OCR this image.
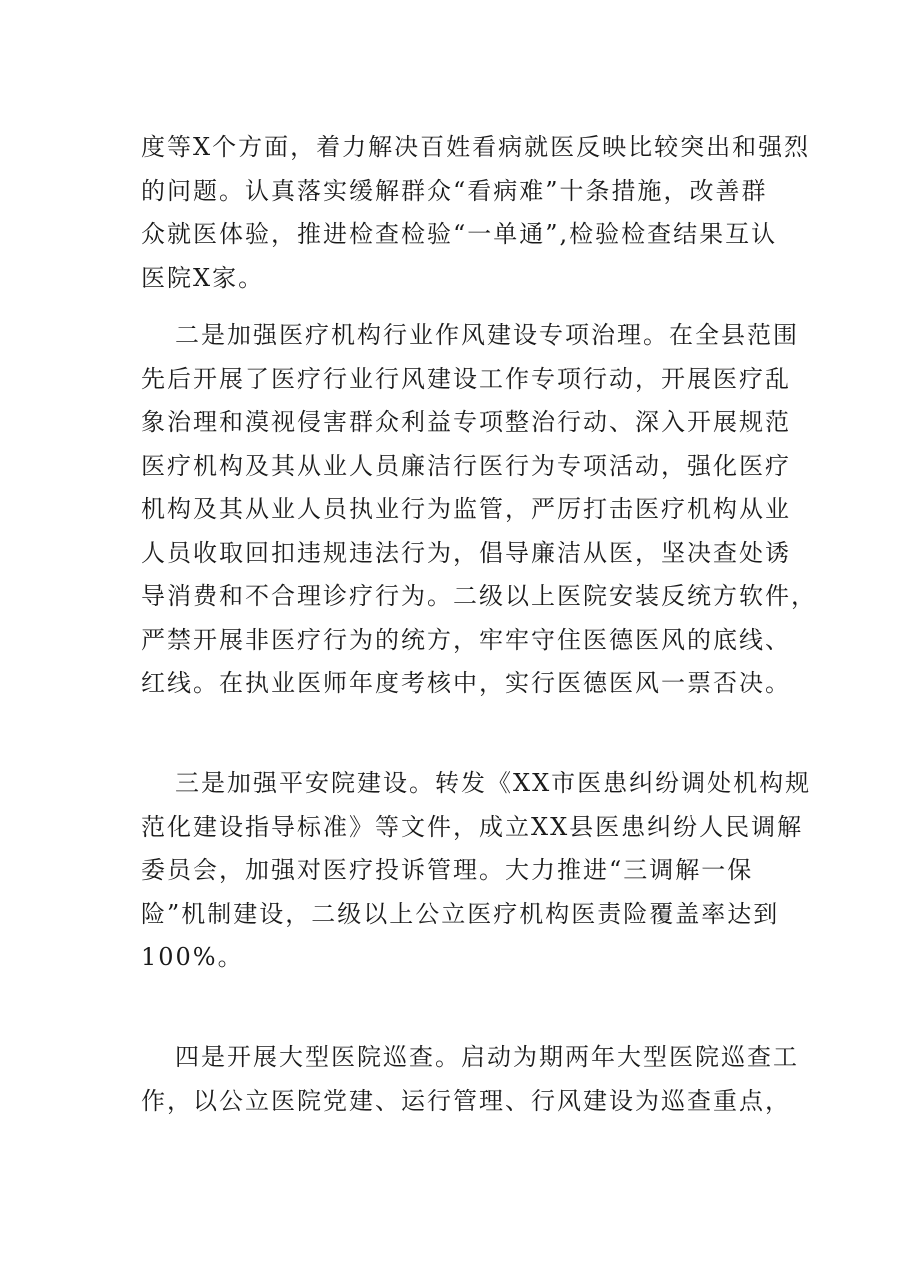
度等X个方面，着力解决百姓看病就医反映比较突出和强烈
的问题。认真落实缓解群众“看病难”十条措施，改善群
众就医体验，推进检查检验“一单通”,检验检查结果互认
医院X家。
二是加强医疗机构行业作风建设专项治理。在全县范围
先后开展了医疗行业行风建设工作专项行动，开展医疗乱
象治理和漠视侵害群众利益专项整治行动、深入开展规范
医疗机构及其从业人员廉洁行医行为专项活动，强化医疗
机构及其从业人员执业行为监管，严厉打击医疗机构从业
人员收取回扣违规违法行为，倡导廉洁从医，坚决查处诱
导消费和不合理诊疗行为。二级以上医院安装反统方软件，
严禁开展非医疗行为的统方，牢牢守住医德医风的底线、
红线。在执业医师年度考核中，实行医德医风一票否决。
三是加强平安院建设。转发《XX市医患纠纷调处机构规
范化建设指导标准》等文件，成立XX县医患纠纷人民调解
委员会，加强对医疗投诉管理。大力推进“三调解一保
险”机制建设，二级以上公立医疗机构医责险覆盖率达到
100%。
四是开展大型医院巡查。启动为期两年大型医院巡查工
作，以公立医院党建、运行管理、行风建设为巡查重点，
